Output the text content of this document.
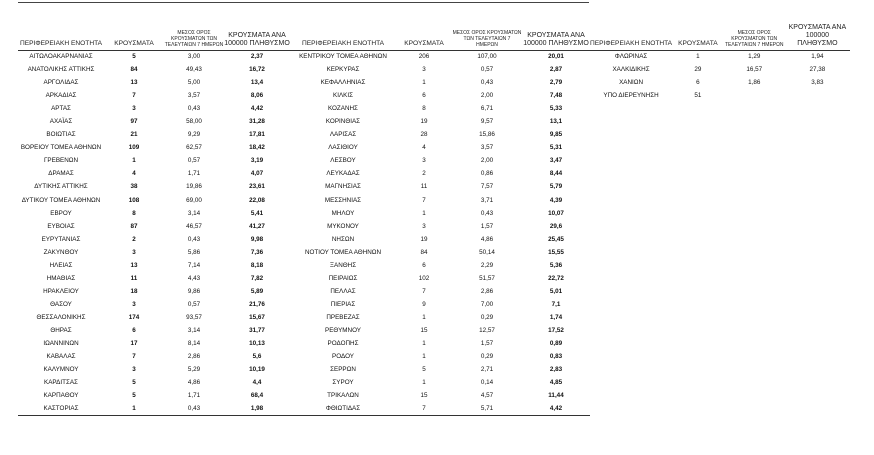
ΠΕΡΙΦΕΡΕΙΑΚΗ ΕΝΟΤΗΤΑ	ΚΡΟΥΣΜΑΤΑ	ΜΕΣΟΣ ΟΡΟΣ ΚΡΟΥΣΜΑΤΩΝ ΤΩΝ ΤΕΛΕΥΤΑΙΩΝ 7 ΗΜΕΡΩΝ	ΚΡΟΥΣΜΑΤΑ ΑΝΑ 100000 ΠΛΗΘΥΣΜΟ
ΑΙΤΩΛΟΑΚΑΡΝΑΝΙΑΣ	5	3,00	2,37
ΑΝΑΤΟΛΙΚΗΣ ΑΤΤΙΚΗΣ	84	49,43	16,72
ΑΡΓΟΛΙΔΑΣ	13	5,00	13,4
ΑΡΚΑΔΙΑΣ	7	3,57	8,06
ΑΡΤΑΣ	3	0,43	4,42
ΑΧΑΪΑΣ	97	58,00	31,28
ΒΟΙΩΤΙΑΣ	21	9,29	17,81
ΒΟΡΕΙΟΥ ΤΟΜΕΑ ΑΘΗΝΩΝ	109	62,57	18,42
ΓΡΕΒΕΝΩΝ	1	0,57	3,19
ΔΡΑΜΑΣ	4	1,71	4,07
ΔΥΤΙΚΗΣ ΑΤΤΙΚΗΣ	38	19,86	23,61
ΔΥΤΙΚΟΥ ΤΟΜΕΑ ΑΘΗΝΩΝ	108	69,00	22,08
ΕΒΡΟΥ	8	3,14	5,41
ΕΥΒΟΙΑΣ	87	46,57	41,27
ΕΥΡΥΤΑΝΙΑΣ	2	0,43	9,98
ΖΑΚΥΝΘΟΥ	3	5,86	7,36
ΗΛΕΙΑΣ	13	7,14	8,18
ΗΜΑΘΙΑΣ	11	4,43	7,82
ΗΡΑΚΛΕΙΟΥ	18	9,86	5,89
ΘΑΣΟΥ	3	0,57	21,76
ΘΕΣΣΑΛΟΝΙΚΗΣ	174	93,57	15,67
ΘΗΡΑΣ	6	3,14	31,77
ΙΩΑΝΝΙΝΩΝ	17	8,14	10,13
ΚΑΒΑΛΑΣ	7	2,86	5,6
ΚΑΛΥΜΝΟΥ	3	5,29	10,19
ΚΑΡΔΙΤΣΑΣ	5	4,86	4,4
ΚΑΡΠΑΘΟΥ	5	1,71	68,4
ΚΑΣΤΟΡΙΑΣ	1	0,43	1,98
ΠΕΡΙΦΕΡΕΙΑΚΗ ΕΝΟΤΗΤΑ	ΚΡΟΥΣΜΑΤΑ	ΜΕΣΟΣ ΟΡΟΣ ΚΡΟΥΣΜΑΤΩΝ ΤΩΝ ΤΕΛΕΥΤΑΙΩΝ 7 ΗΜΕΡΩΝ	ΚΡΟΥΣΜΑΤΑ ΑΝΑ 100000 ΠΛΗΘΥΣΜΟ
ΚΕΝΤΡΙΚΟΥ ΤΟΜΕΑ ΑΘΗΝΩΝ	206	107,00	20,01
ΚΕΡΚΥΡΑΣ	3	0,57	2,87
ΚΕΦΑΛΛΗΝΙΑΣ	1	0,43	2,79
ΚΙΛΚΙΣ	6	2,00	7,48
ΚΟΖΑΝΗΣ	8	6,71	5,33
ΚΟΡΙΝΘΙΑΣ	19	9,57	13,1
ΛΑΡΙΣΑΣ	28	15,86	9,85
ΛΑΣΙΘΙΟΥ	4	3,57	5,31
ΛΕΣΒΟΥ	3	2,00	3,47
ΛΕΥΚΑΔΑΣ	2	0,86	8,44
ΜΑΓΝΗΣΙΑΣ	11	7,57	5,79
ΜΕΣΣΗΝΙΑΣ	7	3,71	4,39
ΜΗΛΟΥ	1	0,43	10,07
ΜΥΚΟΝΟΥ	3	1,57	29,6
ΝΗΣΩΝ	19	4,86	25,45
ΝΟΤΙΟΥ ΤΟΜΕΑ ΑΘΗΝΩΝ	84	50,14	15,55
ΞΑΝΘΗΣ	6	2,29	5,36
ΠΕΙΡΑΙΩΣ	102	51,57	22,72
ΠΕΛΛΑΣ	7	2,86	5,01
ΠΙΕΡΙΑΣ	9	7,00	7,1
ΠΡΕΒΕΖΑΣ	1	0,29	1,74
ΡΕΘΥΜΝΟΥ	15	12,57	17,52
ΡΟΔΟΠΗΣ	1	1,57	0,89
ΡΟΔΟΥ	1	0,29	0,83
ΣΕΡΡΩΝ	5	2,71	2,83
ΣΥΡΟΥ	1	0,14	4,85
ΤΡΙΚΑΛΩΝ	15	4,57	11,44
ΦΘΙΩΤΙΔΑΣ	7	5,71	4,42
ΠΕΡΙΦΕΡΕΙΑΚΗ ΕΝΟΤΗΤΑ	ΚΡΟΥΣΜΑΤΑ	ΜΕΣΟΣ ΟΡΟΣ ΚΡΟΥΣΜΑΤΩΝ ΤΩΝ ΤΕΛΕΥΤΑΙΩΝ 7 ΗΜΕΡΩΝ	ΚΡΟΥΣΜΑΤΑ ΑΝΑ 100000 ΠΛΗΘΥΣΜΟ
ΦΛΩΡΙΝΑΣ	1	1,29	1,94
ΧΑΛΚΙΔΙΚΗΣ	29	16,57	27,38
ΧΑΝΙΩΝ	6	1,86	3,83
ΥΠΟ ΔΙΕΡΕΥΝΗΣΗ	51		
